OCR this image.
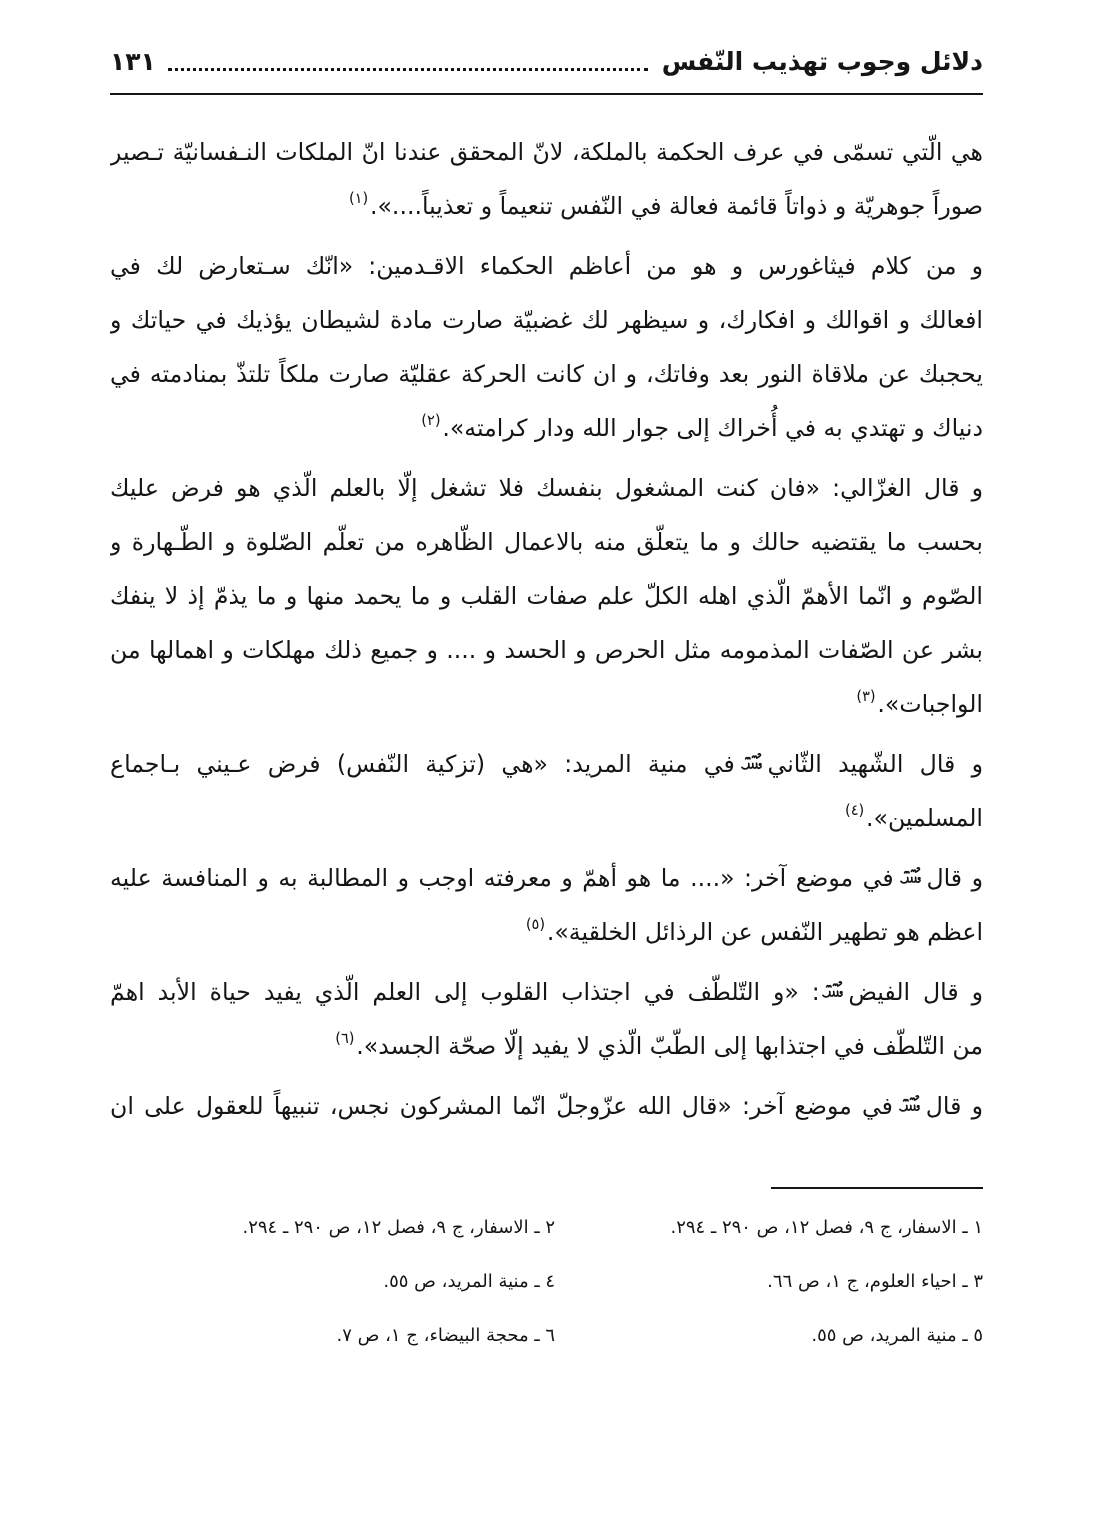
دلائل وجوب تهذيب النّفس
١٣١
هي الّتي تسمّى في عرف الحكمة بالملكة، لانّ المحقق عندنا انّ الملكات النـفسانيّة تـصير
صوراً جوهريّة و ذواتاً قائمة فعالة في النّفس تنعيماً و تعذيباً....».$^{(١)}$
و من كلام فيثاغورس و هو من أعاظم الحكماء الاقـدمين: «انّك سـتعارض لك في
افعالك و اقوالك و افكارك، و سيظهر لك غضبيّة صارت مادة لشيطان يؤذيك في حياتك و
يحجبك عن ملاقاة النور بعد وفاتك، و ان كانت الحركة عقليّة صارت ملكاً تلتذّ بمنادمته في
دنياك و تهتدي به في أُخراك إلى جوار الله ودار كرامته».$^{(٢)}$
و قال الغزّالي: «فان كنت المشغول بنفسك فلا تشغل إلّا بالعلم الّذي هو فرض عليك
بحسب ما يقتضيه حالك و ما يتعلّق منه بالاعمال الظّاهره من تعلّم الصّلوة و الطّـهارة و
الصّوم و انّما الأهمّ الّذي اهله الكلّ علم صفات القلب و ما يحمد منها و ما يذمّ إذ لا ينفك
بشر عن الصّفات المذمومه مثل الحرص و الحسد و .... و جميع ذلك مهلكات و اهمالها من
الواجبات».$^{(٣)}$
و قال الشّهيد الثّانيفي منية المريد: «هي (تزكية النّفس) فرض عـيني بـاجماع
المسلمين».$^{(٤)}$
و قالفي موضع آخر: «.... ما هو أهمّ و معرفته اوجب و المطالبة به و المنافسة عليه
اعظم هو تطهير النّفس عن الرذائل الخلقية».$^{(٥)}$
و قال الفيض: «و التّلطّف في اجتذاب القلوب إلى العلم الّذي يفيد حياة الأبد اهمّ
من التّلطّف في اجتذابها إلى الطّبّ الّذي لا يفيد إلّا صحّة الجسد».$^{(٦)}$
و قالفي موضع آخر: «قال الله عزّوجلّ انّما المشركون نجس، تنبيهاً للعقول على ان
١ ـ الاسفار، ج ٩، فصل ١٢، ص ٢٩٠ ـ ٢٩٤.
٢ ـ الاسفار، ج ٩، فصل ١٢، ص ٢٩٠ ـ ٢٩٤.
٣ ـ احياء العلوم، ج ١، ص ٦٦.
٤ ـ منية المريد، ص ٥٥.
٥ ـ منية المريد، ص ٥٥.
٦ ـ محجة البيضاء، ج ١، ص ٧.
